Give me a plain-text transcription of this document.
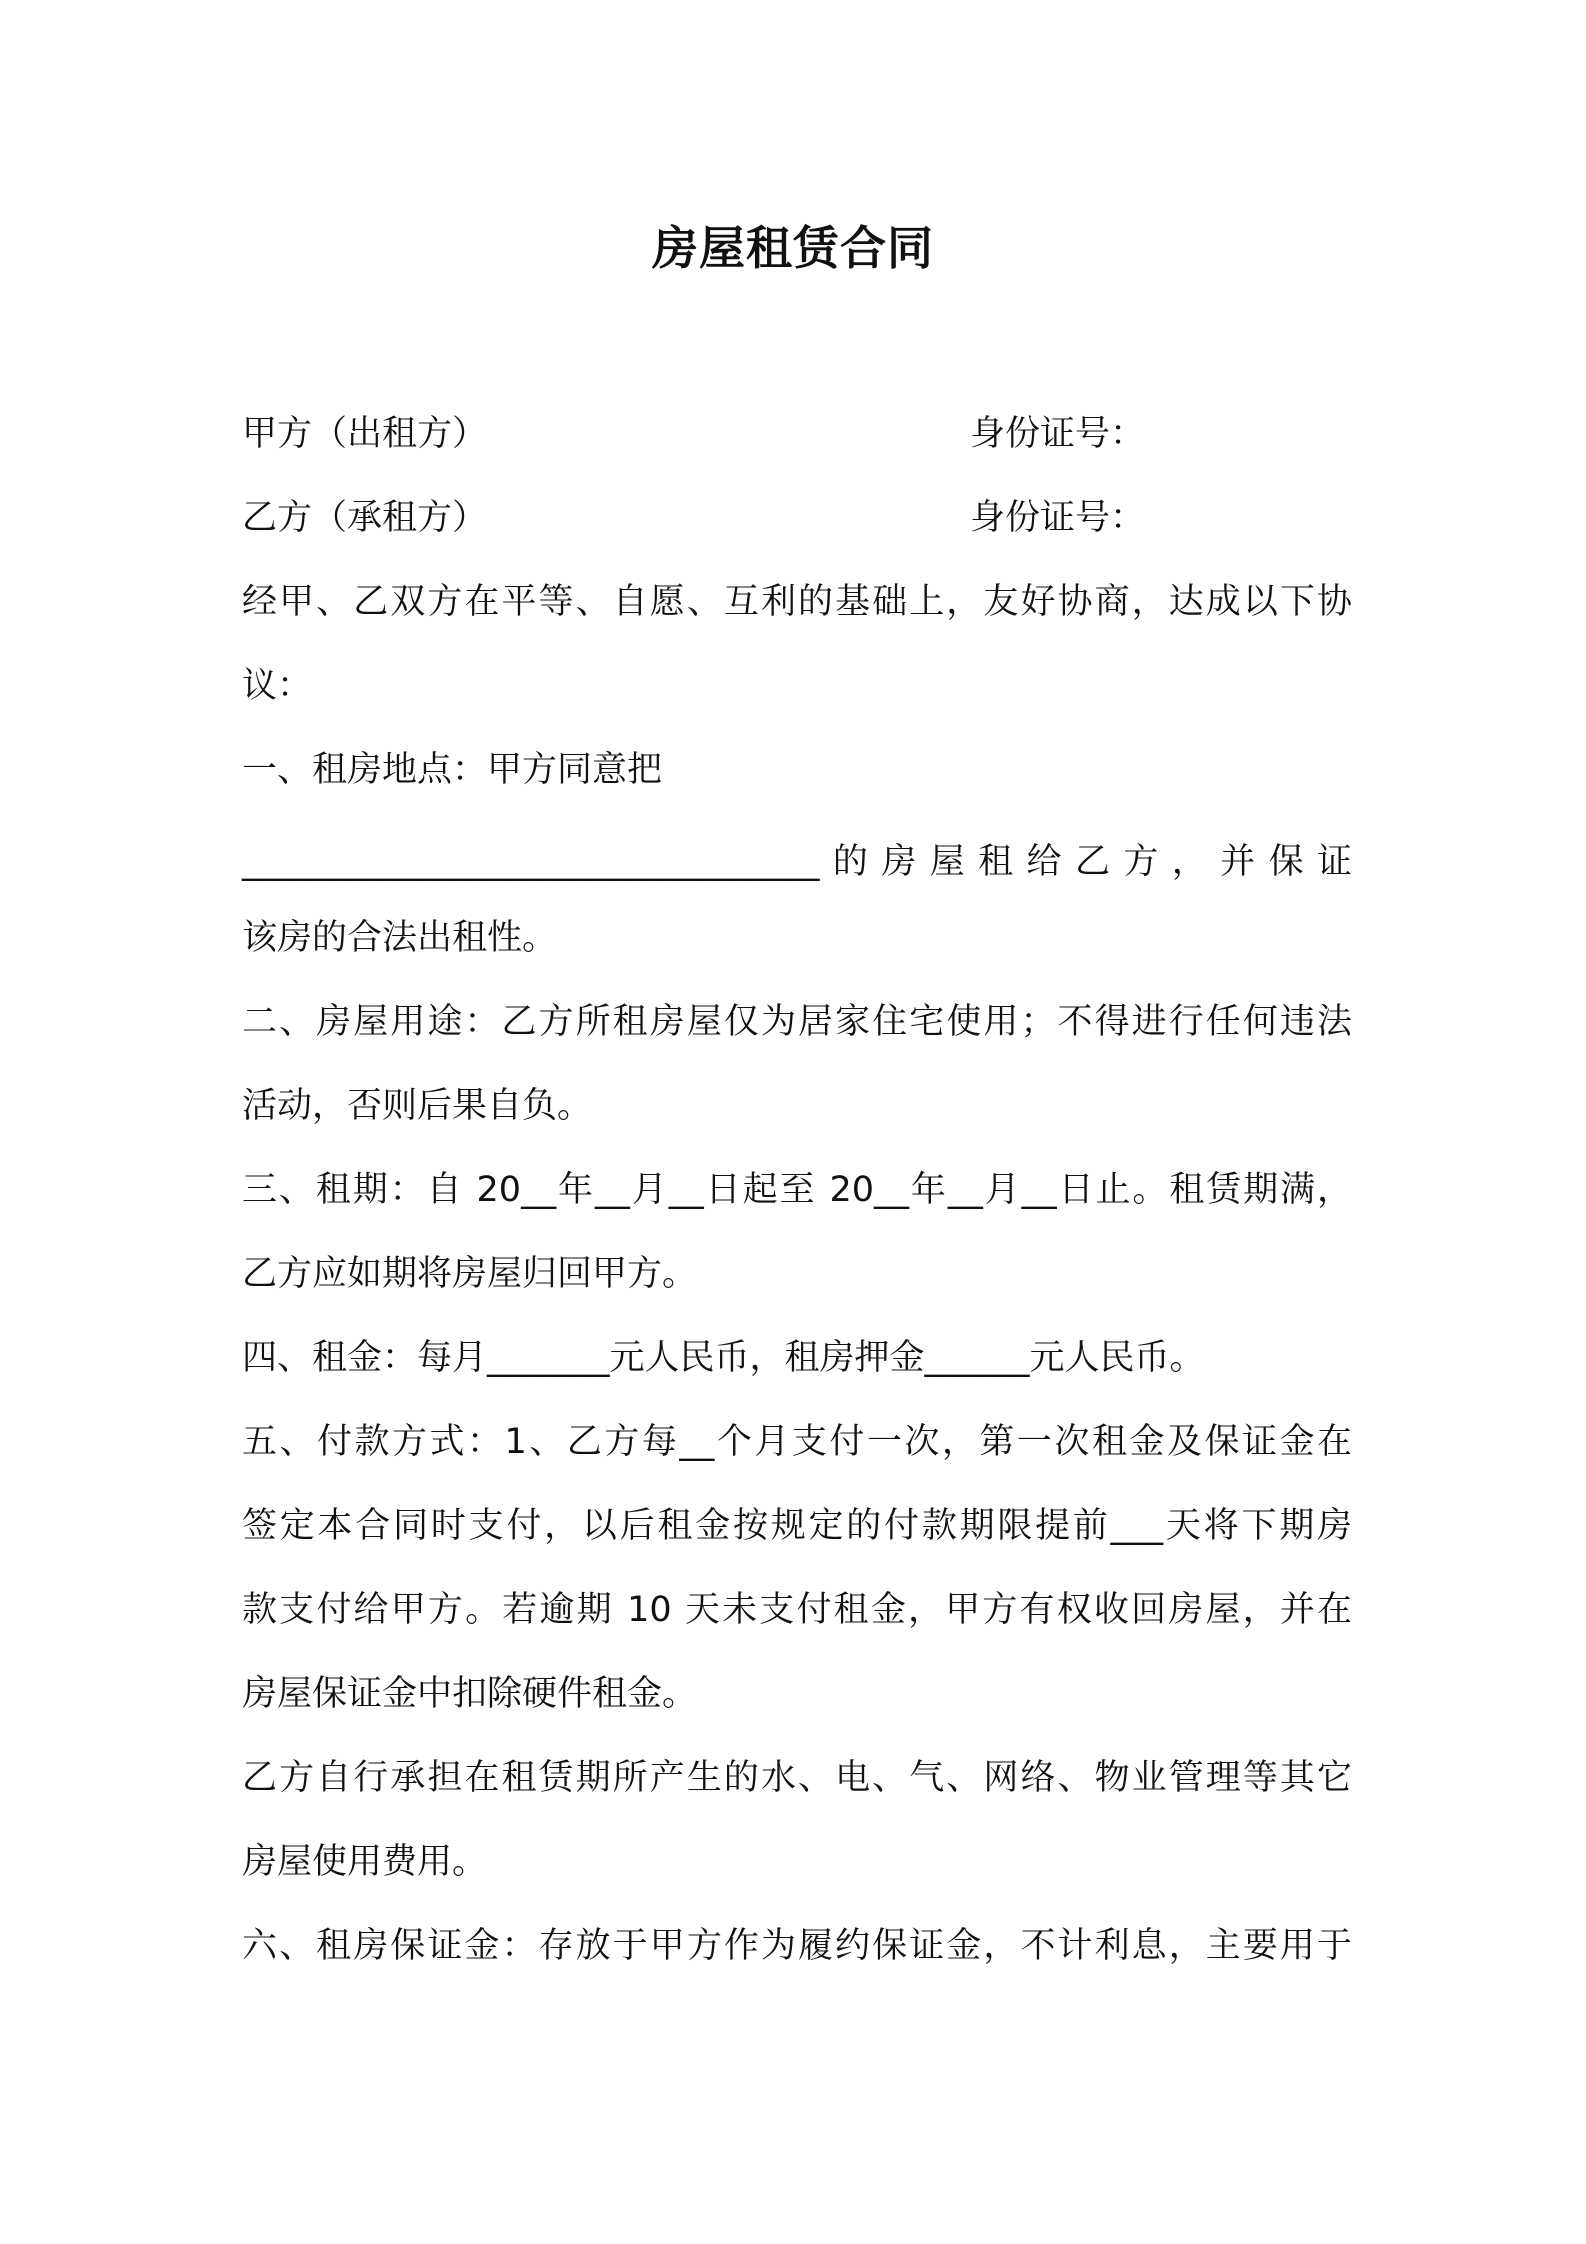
房屋租赁合同
甲方（出租方）	身份证号：
乙方（承租方）	身份证号：
经甲、乙双方在平等、自愿、互利的基础上，友好协商，达成以下协
议：
一、租房地点：甲方同意把
_________________________________的房屋租给乙方，并保证
该房的合法出租性。
二、房屋用途：乙方所租房屋仅为居家住宅使用；不得进行任何违法
活动，否则后果自负。
三、租期：自 20__年__月__日起至 20__年__月__日止。租赁期满，
乙方应如期将房屋归回甲方。
四、租金：每月_______元人民币，租房押金______元人民币。
五、付款方式：1、乙方每__个月支付一次，第一次租金及保证金在
签定本合同时支付，以后租金按规定的付款期限提前___天将下期房
款支付给甲方。若逾期 10 天未支付租金，甲方有权收回房屋，并在
房屋保证金中扣除硬件租金。
乙方自行承担在租赁期所产生的水、电、气、网络、物业管理等其它
房屋使用费用。
六、租房保证金：存放于甲方作为履约保证金，不计利息，主要用于
